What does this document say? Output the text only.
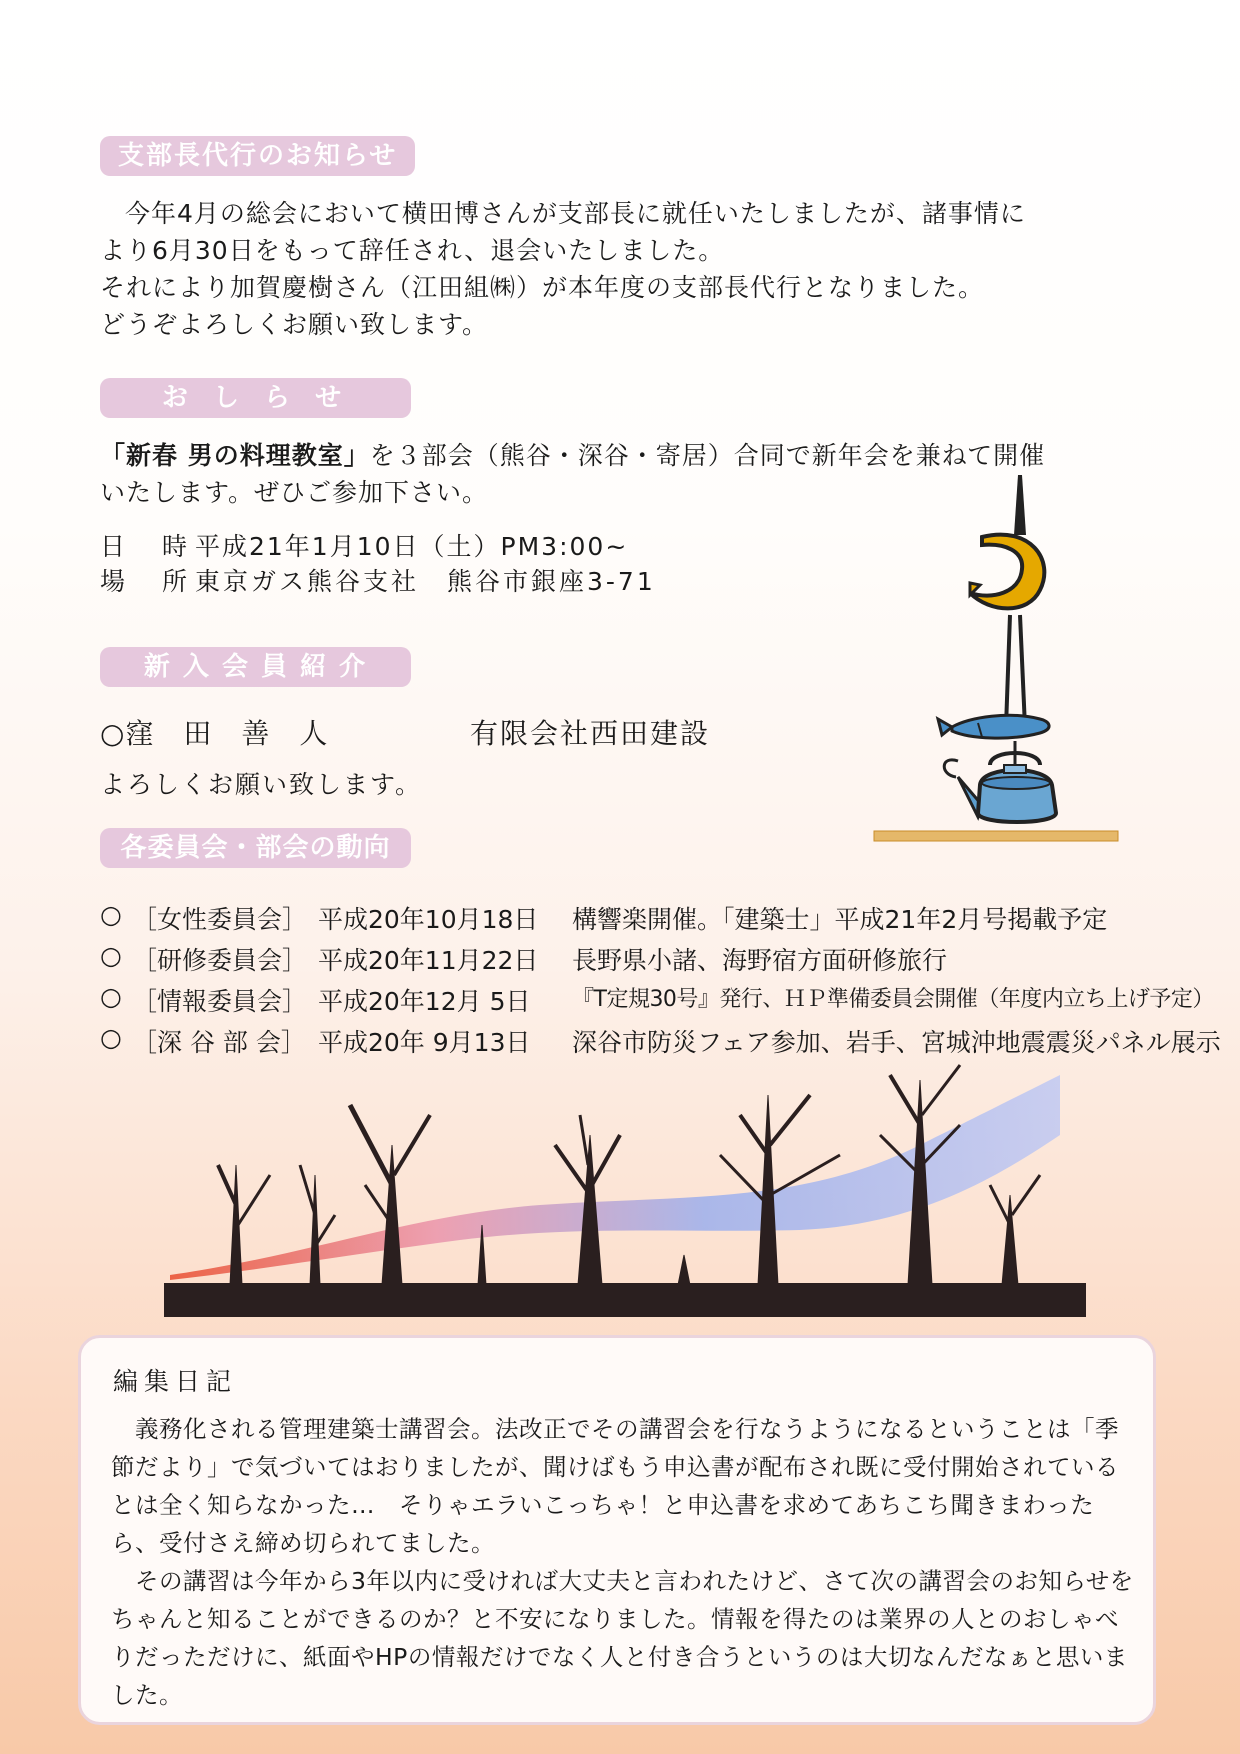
支部長代行のお知らせ

今年4月の総会において横田博さんが支部長に就任いたしましたが、諸事情に

より6月30日をもって辞任され、退会いたしました。

それにより加賀慶樹さん（江田組㈱）が本年度の支部長代行となりました。

どうぞよろしくお願い致します。

お し ら せ

「新春 男の料理教室」を３部会（熊谷・深谷・寄居）合同で新年会を兼ねて開催

いたします。ぜひご参加下さい。

日　時 平成21年1月10日（土）PM3:00~
場　所 東京ガス熊谷支社　熊谷市銀座3-71
新 入 会 員 紹 介
○窪　田　善　人	有限会社西田建設
よろしくお願い致します。
各委員会・部会の動向
○ ［女性委員会］ 平成20年10月18日 構響楽開催。「建築士」平成21年2月号掲載予定
○ ［研修委員会］ 平成20年11月22日 長野県小諸、海野宿方面研修旅行
○ ［情報委員会］ 平成20年12月 5日 『T定規30号』発行、ＨＰ準備委員会開催（年度内立ち上げ予定）
○ ［深 谷 部 会］ 平成20年 9月13日 深谷市防災フェア参加、岩手、宮城沖地震震災パネル展示
編集日記

義務化される管理建築士講習会。法改正でその講習会を行なうようになるということは「季節だより」で気づいてはおりましたが、聞けばもう申込書が配布され既に受付開始されているとは全く知らなかった…　そりゃエラいこっちゃ！と申込書を求めてあちこち聞きまわったら、受付さえ締め切られてました。

その講習は今年から3年以内に受ければ大丈夫と言われたけど、さて次の講習会のお知らせをちゃんと知ることができるのか？と不安になりました。情報を得たのは業界の人とのおしゃべりだっただけに、紙面やHPの情報だけでなく人と付き合うというのは大切なんだなぁと思いました。
